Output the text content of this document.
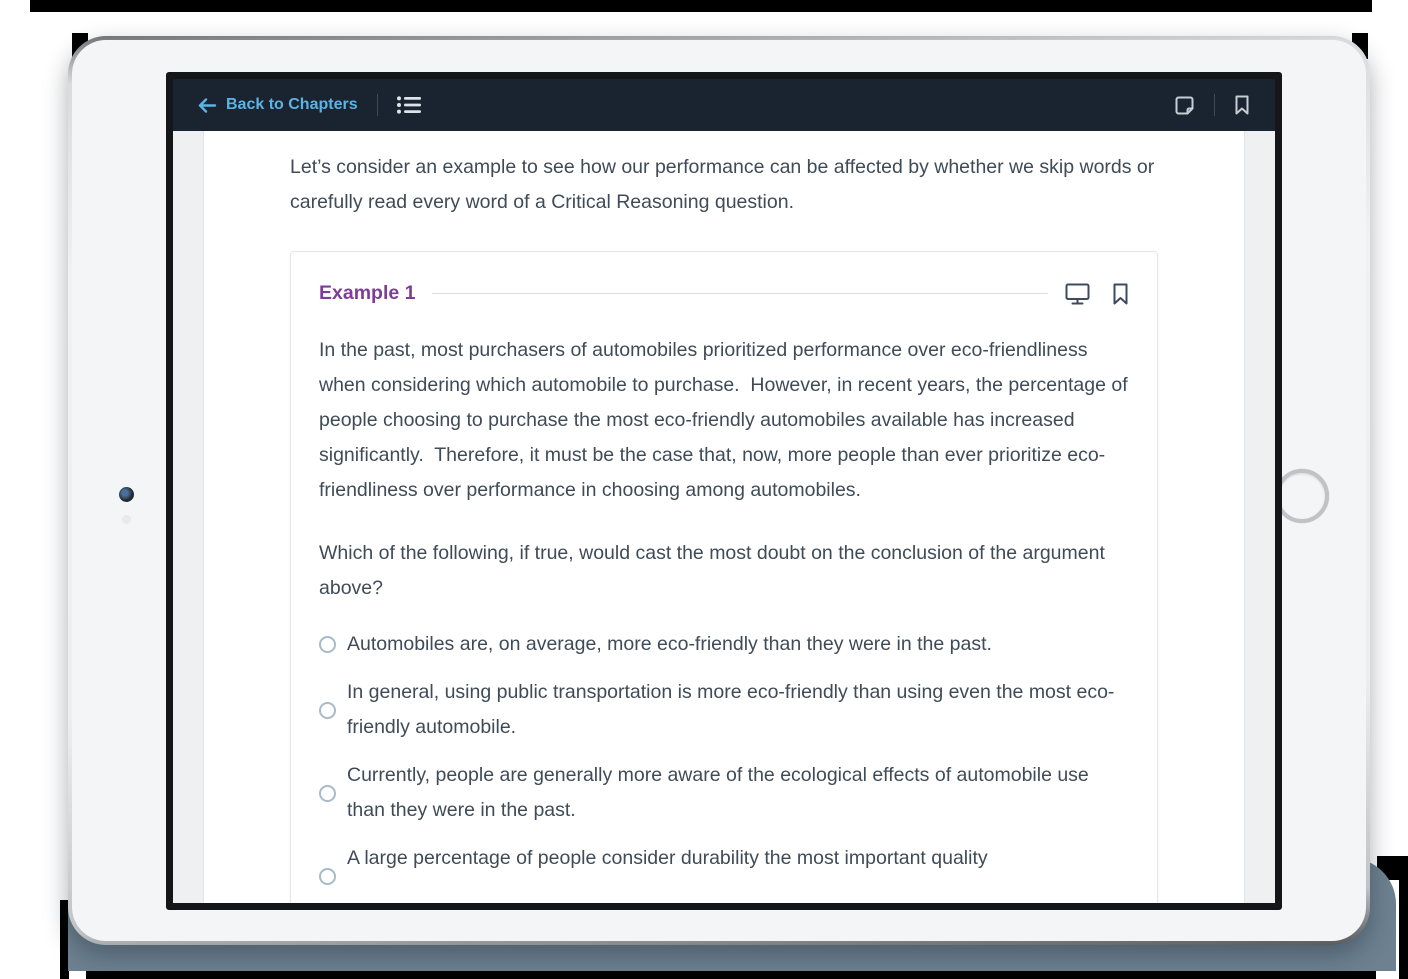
Back to Chapters

Let’s consider an example to see how our performance can be affected by whether we skip words or carefully read every word of a Critical Reasoning question.

Example 1

In the past, most purchasers of automobiles prioritized performance over eco-friendliness when considering which automobile to purchase.  However, in recent years, the percentage of people choosing to purchase the most eco-friendly automobiles available has increased significantly.  Therefore, it must be the case that, now, more people than ever prioritize eco-friendliness over performance in choosing among automobiles.

Which of the following, if true, would cast the most doubt on the conclusion of the argument above?

Automobiles are, on average, more eco-friendly than they were in the past.
In general, using public transportation is more eco-friendly than using even the most eco-friendly automobile.
Currently, people are generally more aware of the ecological effects of automobile use than they were in the past.
A large percentage of people consider durability the most important quality
